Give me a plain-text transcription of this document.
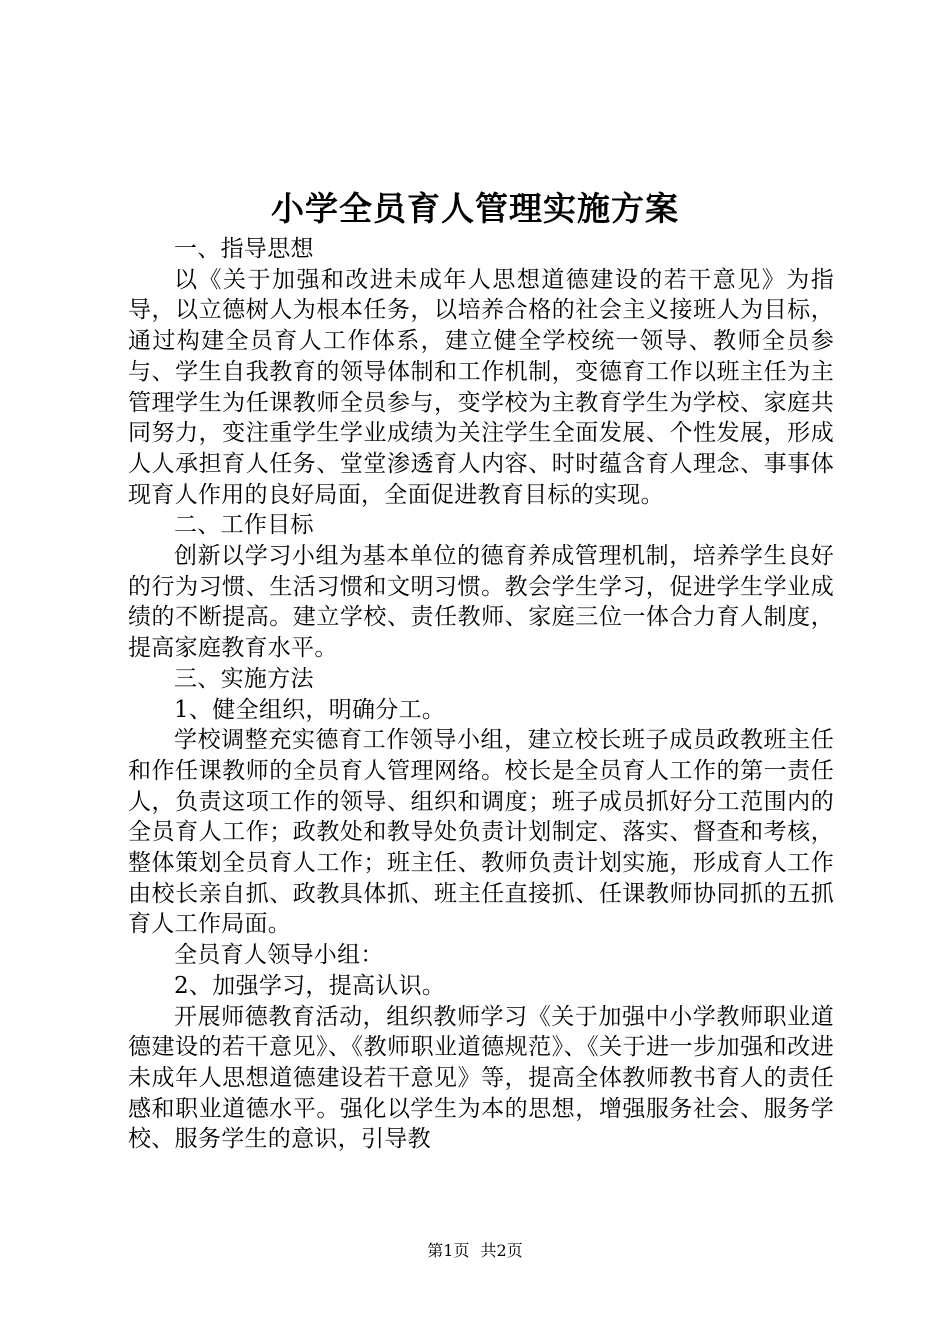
小学全员育人管理实施方案

一、指导思想

以《关于加强和改进未成年人思想道德建设的若干意见》为指导，以立德树人为根本任务，以培养合格的社会主义接班人为目标，通过构建全员育人工作体系，建立健全学校统一领导、教师全员参与、学生自我教育的领导体制和工作机制，变德育工作以班主任为主管理学生为任课教师全员参与，变学校为主教育学生为学校、家庭共同努力，变注重学生学业成绩为关注学生全面发展、个性发展，形成人人承担育人任务、堂堂渗透育人内容、时时蕴含育人理念、事事体现育人作用的良好局面，全面促进教育目标的实现。

二、工作目标

创新以学习小组为基本单位的德育养成管理机制，培养学生良好的行为习惯、生活习惯和文明习惯。教会学生学习，促进学生学业成绩的不断提高。建立学校、责任教师、家庭三位一体合力育人制度，提高家庭教育水平。

三、实施方法

1、健全组织，明确分工。

学校调整充实德育工作领导小组，建立校长班子成员政教班主任和作任课教师的全员育人管理网络。校长是全员育人工作的第一责任人，负责这项工作的领导、组织和调度；班子成员抓好分工范围内的全员育人工作；政教处和教导处负责计划制定、落实、督查和考核，整体策划全员育人工作；班主任、教师负责计划实施，形成育人工作由校长亲自抓、政教具体抓、班主任直接抓、任课教师协同抓的五抓育人工作局面。

全员育人领导小组：

2、加强学习，提高认识。

开展师德教育活动，组织教师学习《关于加强中小学教师职业道德建设的若干意见》、《教师职业道德规范》、《关于进一步加强和改进未成年人思想道德建设若干意见》等，提高全体教师教书育人的责任感和职业道德水平。强化以学生为本的思想，增强服务社会、服务学校、服务学生的意识，引导教

第1页 共2页
